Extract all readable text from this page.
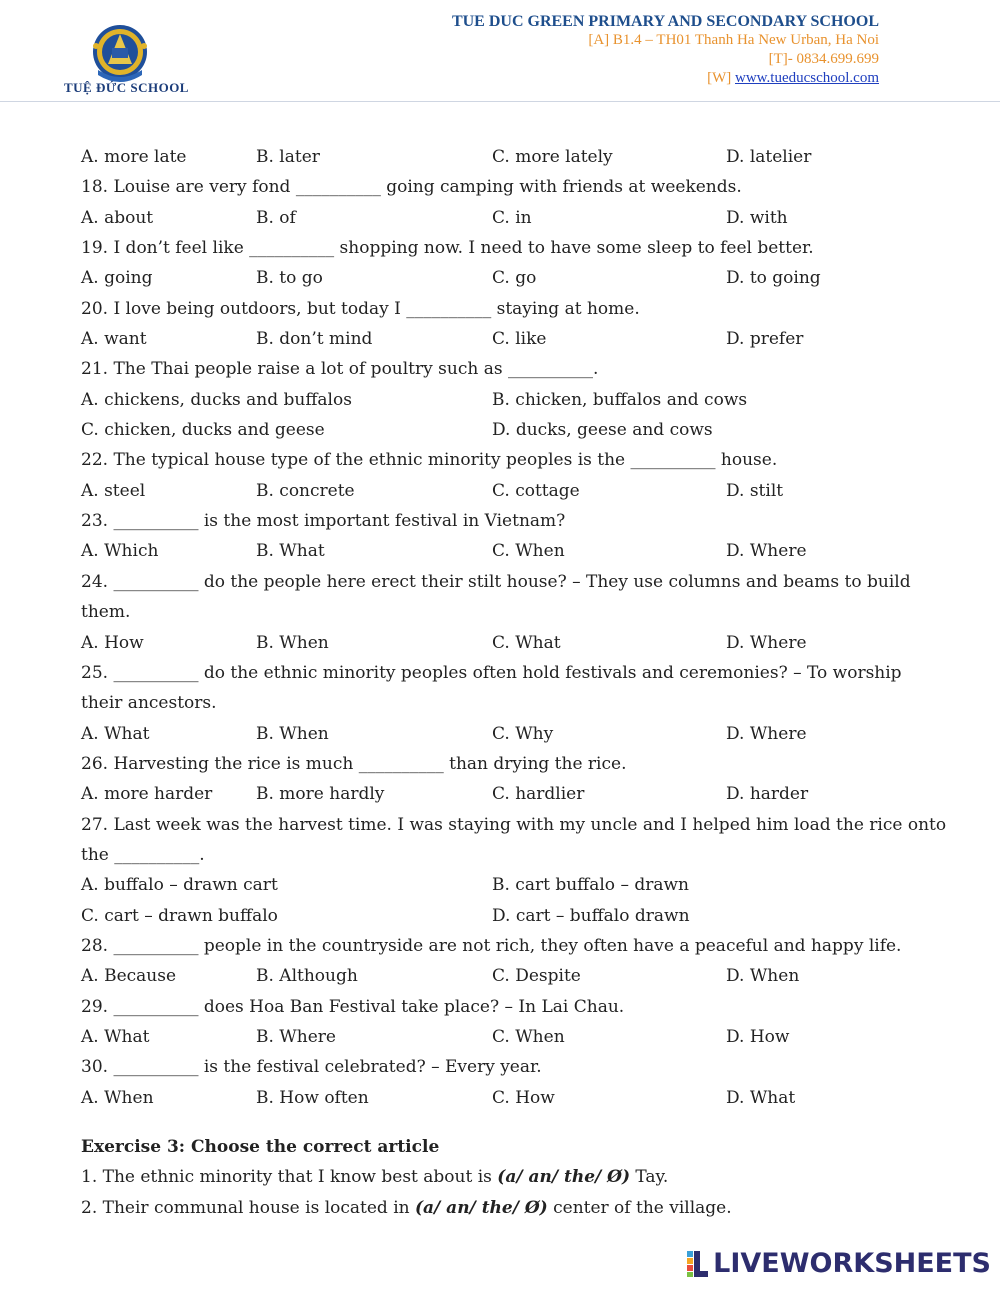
TUỆ ĐỨC SCHOOL
TUE DUC GREEN PRIMARY AND SECONDARY SCHOOL
[A] B1.4 – TH01 Thanh Ha New Urban, Ha Noi
[T]- 0834.699.699
[W] www.tueducschool.com
A. more late	B. later	C. more lately	D. latelier
18. Louise are very fond __________ going camping with friends at weekends.
A. about	B. of	C. in	D. with
19. I don’t feel like __________ shopping now. I need to have some sleep to feel better.
A. going	B. to go	C. go	D. to going
20. I love being outdoors, but today I __________ staying at home.
A. want	B. don’t mind	C. like	D. prefer
21. The Thai people raise a lot of poultry such as __________.
A. chickens, ducks and buffalos	B. chicken, buffalos and cows
C. chicken, ducks and geese	D. ducks, geese and cows
22. The typical house type of the ethnic minority peoples is the __________ house.
A. steel	B. concrete	C. cottage	D. stilt
23. __________ is the most important festival in Vietnam?
A. Which	B. What	C. When	D. Where
24. __________ do the people here erect their stilt house? – They use columns and beams to build
them.
A. How	B. When	C. What	D. Where
25. __________ do the ethnic minority peoples often hold festivals and ceremonies? – To worship
their ancestors.
A. What	B. When	C. Why	D. Where
26. Harvesting the rice is much __________ than drying the rice.
A. more harder	B. more hardly	C. hardlier	D. harder
27. Last week was the harvest time. I was staying with my uncle and I helped him load the rice onto
the __________.
A. buffalo – drawn cart	B. cart buffalo – drawn
C. cart – drawn buffalo	D. cart – buffalo drawn
28. __________ people in the countryside are not rich, they often have a peaceful and happy life.
A. Because	B. Although	C. Despite	D. When
29. __________ does Hoa Ban Festival take place? – In Lai Chau.
A. What	B. Where	C. When	D. How
30. __________ is the festival celebrated? – Every year.
A. When	B. How often	C. How	D. What
Exercise 3: Choose the correct article
1. The ethnic minority that I know best about is (a/ an/ the/ Ø) Tay.
2. Their communal house is located in (a/ an/ the/ Ø) center of the village.
LIVEWORKSHEETS
